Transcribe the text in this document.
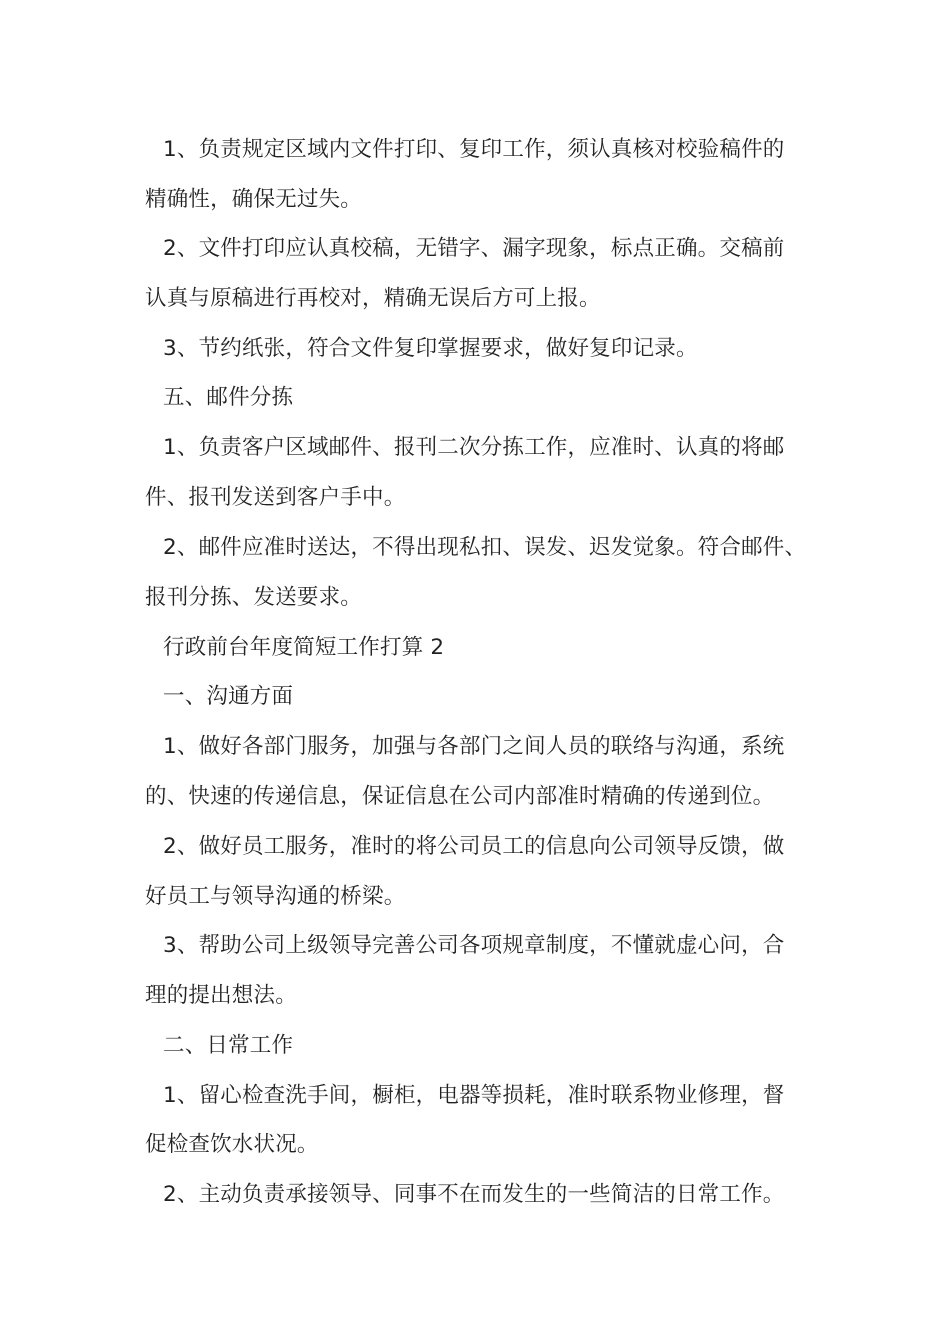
1、负责规定区域内文件打印、复印工作，须认真核对校验稿件的
精确性，确保无过失。
2、文件打印应认真校稿，无错字、漏字现象，标点正确。交稿前
认真与原稿进行再校对，精确无误后方可上报。
3、节约纸张，符合文件复印掌握要求，做好复印记录。
五、邮件分拣
1、负责客户区域邮件、报刊二次分拣工作，应准时、认真的将邮
件、报刊发送到客户手中。
2、邮件应准时送达，不得出现私扣、误发、迟发觉象。符合邮件、
报刊分拣、发送要求。
行政前台年度简短工作打算 2
一、沟通方面
1、做好各部门服务，加强与各部门之间人员的联络与沟通，系统
的、快速的传递信息，保证信息在公司内部准时精确的传递到位。
2、做好员工服务，准时的将公司员工的信息向公司领导反馈，做
好员工与领导沟通的桥梁。
3、帮助公司上级领导完善公司各项规章制度，不懂就虚心问，合
理的提出想法。
二、日常工作
1、留心检查洗手间，橱柜，电器等损耗，准时联系物业修理，督
促检查饮水状况。
2、主动负责承接领导、同事不在而发生的一些简洁的日常工作。
